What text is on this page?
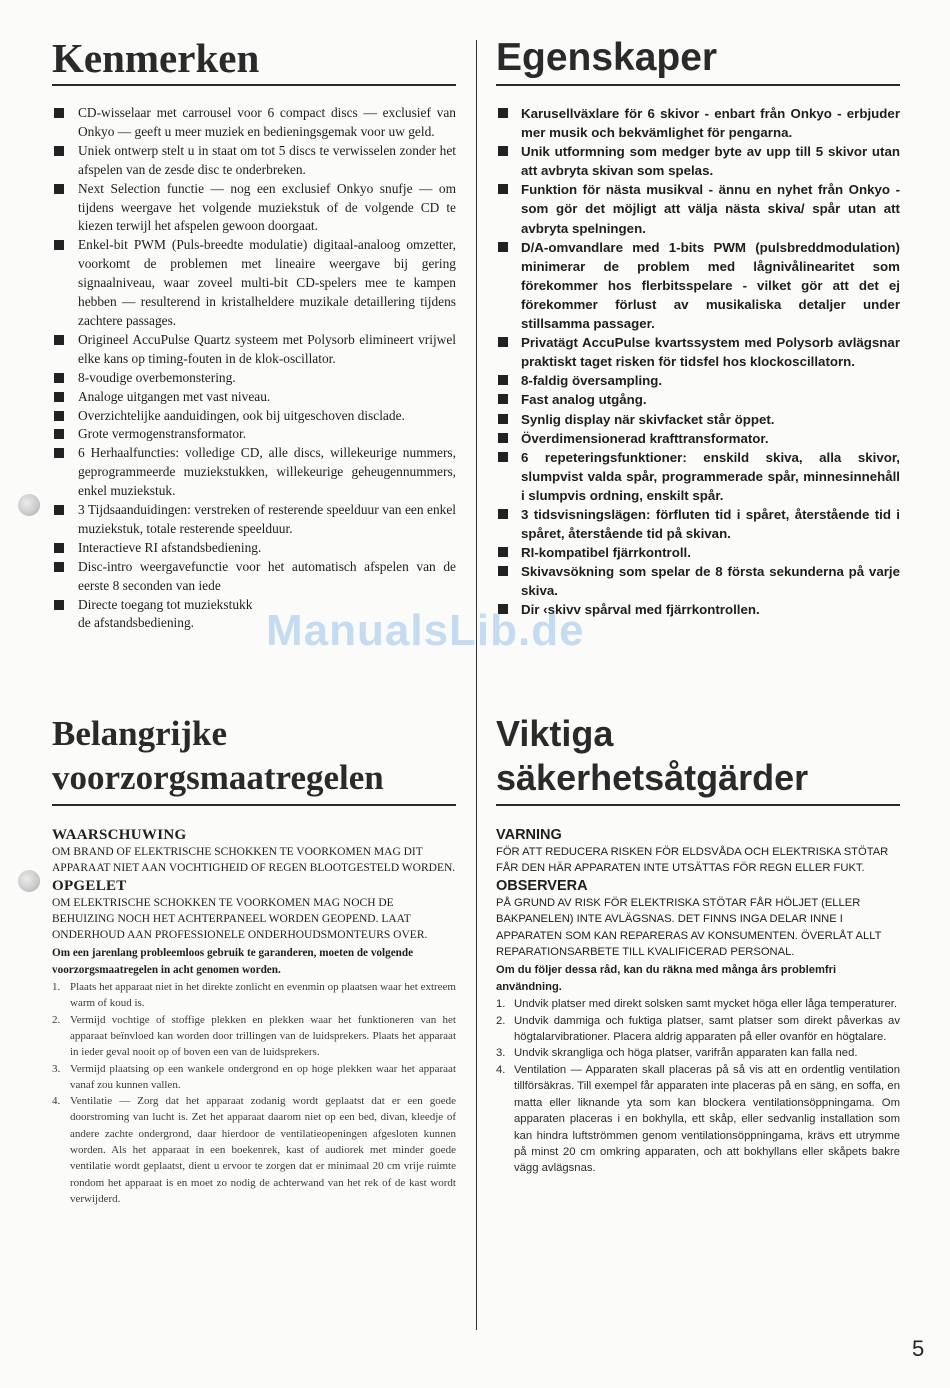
Kenmerken
CD-wisselaar met carrousel voor 6 compact discs — exclusief van Onkyo — geeft u meer muziek en bedieningsgemak voor uw geld.
Uniek ontwerp stelt u in staat om tot 5 discs te verwisselen zonder het afspelen van de zesde disc te onderbreken.
Next Selection functie — nog een exclusief Onkyo snufje — om tijdens weergave het volgende muziekstuk of de volgende CD te kiezen terwijl het afspelen gewoon doorgaat.
Enkel-bit PWM (Puls-breedte modulatie) digitaal-analoog omzetter, voorkomt de problemen met lineaire weergave bij gering signaalniveau, waar zoveel multi-bit CD-spelers mee te kampen hebben — resulterend in kristalheldere muzikale detaillering tijdens zachtere passages.
Origineel AccuPulse Quartz systeem met Polysorb elimineert vrijwel elke kans op timing-fouten in de klok-oscillator.
8-voudige overbemonstering.
Analoge uitgangen met vast niveau.
Overzichtelijke aanduidingen, ook bij uitgeschoven disclade.
Grote vermogenstransformator.
6 Herhaalfuncties: volledige CD, alle discs, willekeurige nummers, geprogrammeerde muziekstukken, willekeurige geheugennummers, enkel muziekstuk.
3 Tijdsaanduidingen: verstreken of resterende speelduur van een enkel muziekstuk, totale resterende speelduur.
Interactieve RI afstandsbediening.
Disc-intro weergavefunctie voor het automatisch afspelen van de eerste 8 seconden van iede
Directe toegang tot muziekstukk
de afstandsbediening.
Belangrijke
voorzorgsmaatregelen

WAARSCHUWING

OM BRAND OF ELEKTRISCHE SCHOKKEN TE VOORKOMEN MAG DIT APPARAAT NIET AAN VOCHTIGHEID OF REGEN BLOOTGESTELD WORDEN.

OPGELET

OM ELEKTRISCHE SCHOKKEN TE VOORKOMEN MAG NOCH DE BEHUIZING NOCH HET ACHTERPANEEL WORDEN GEOPEND. LAAT ONDERHOUD AAN PROFESSIONELE ONDERHOUDSMONTEURS OVER.

Om een jarenlang probleemloos gebruik te garanderen, moeten de volgende voorzorgsmaatregelen in acht genomen worden.

1. Plaats het apparaat niet in het direkte zonlicht en evenmin op plaatsen waar het extreem warm of koud is.
2. Vermijd vochtige of stoffige plekken en plekken waar het funktioneren van het apparaat beïnvloed kan worden door trillingen van de luidsprekers. Plaats het apparaat in ieder geval nooit op of boven een van de luidsprekers.
3. Vermijd plaatsing op een wankele ondergrond en op hoge plekken waar het apparaat vanaf zou kunnen vallen.
4. Ventilatie — Zorg dat het apparaat zodanig wordt geplaatst dat er een goede doorstroming van lucht is. Zet het apparaat daarom niet op een bed, divan, kleedje of andere zachte ondergrond, daar hierdoor de ventilatieopeningen afgesloten kunnen worden. Als het apparaat in een boekenrek, kast of audiorek met minder goede ventilatie wordt geplaatst, dient u ervoor te zorgen dat er minimaal 20 cm vrije ruimte rondom het apparaat is en moet zo nodig de achterwand van het rek of de kast wordt verwijderd.
Egenskaper
Karusellväxlare för 6 skivor - enbart från Onkyo - erbjuder mer musik och bekvämlighet för pengarna.
Unik utformning som medger byte av upp till 5 skivor utan att avbryta skivan som spelas.
Funktion för nästa musikval - ännu en nyhet från Onkyo - som gör det möjligt att välja nästa skiva/ spår utan att avbryta spelningen.
D/A-omvandlare med 1-bits PWM (pulsbreddmodulation) minimerar de problem med lågnivålinearitet som förekommer hos flerbitsspelare - vilket gör att det ej förekommer förlust av musikaliska detaljer under stillsamma passager.
Privatägt AccuPulse kvartssystem med Polysorb avlägsnar praktiskt taget risken för tidsfel hos klockoscillatorn.
8-faldig översampling.
Fast analog utgång.
Synlig display när skivfacket står öppet.
Överdimensionerad krafttransformator.
6 repeteringsfunktioner: enskild skiva, alla skivor, slumpvist valda spår, programmerade spår, minnesinnehåll i slumpvis ordning, enskilt spår.
3 tidsvisningslägen: förfluten tid i spåret, återstående tid i spåret, återstående tid på skivan.
RI-kompatibel fjärrkontroll.
Skivavsökning som spelar de 8 första sekunderna på varje skiva.
Dir ‹skivv spårval med fjärrkontrollen.
Viktiga
säkerhetsåtgärder

VARNING

FÖR ATT REDUCERA RISKEN FÖR ELDSVÅDA OCH ELEKTRISKA STÖTAR FÅR DEN HÄR APPARATEN INTE UTSÄTTAS FÖR REGN ELLER FUKT.

OBSERVERA

PÅ GRUND AV RISK FÖR ELEKTRISKA STÖTAR FÅR HÖLJET (ELLER BAKPANELEN) INTE AVLÄGSNAS. DET FINNS INGA DELAR INNE I APPARATEN SOM KAN REPARERAS AV KONSUMENTEN. ÖVERLÅT ALLT REPARATIONSARBETE TILL KVALIFICERAD PERSONAL.

Om du följer dessa råd, kan du räkna med många års problemfri användning.

1. Undvik platser med direkt solsken samt mycket höga eller låga temperaturer.
2. Undvik dammiga och fuktiga platser, samt platser som direkt påverkas av högtalarvibrationer. Placera aldrig apparaten på eller ovanför en högtalare.
3. Undvik skrangliga och höga platser, varifrån apparaten kan falla ned.
4. Ventilation — Apparaten skall placeras på så vis att en ordentlig ventilation tillförsäkras. Till exempel får apparaten inte placeras på en säng, en soffa, en matta eller liknande yta som kan blockera ventilationsöppningama. Om apparaten placeras i en bokhylla, ett skåp, eller sedvanlig installation som kan hindra luftströmmen genom ventilationsöppningama, krävs ett utrymme på minst 20 cm omkring apparaten, och att bokhyllans eller skåpets bakre vägg avlägsnas.
ManualsLib.de
5
